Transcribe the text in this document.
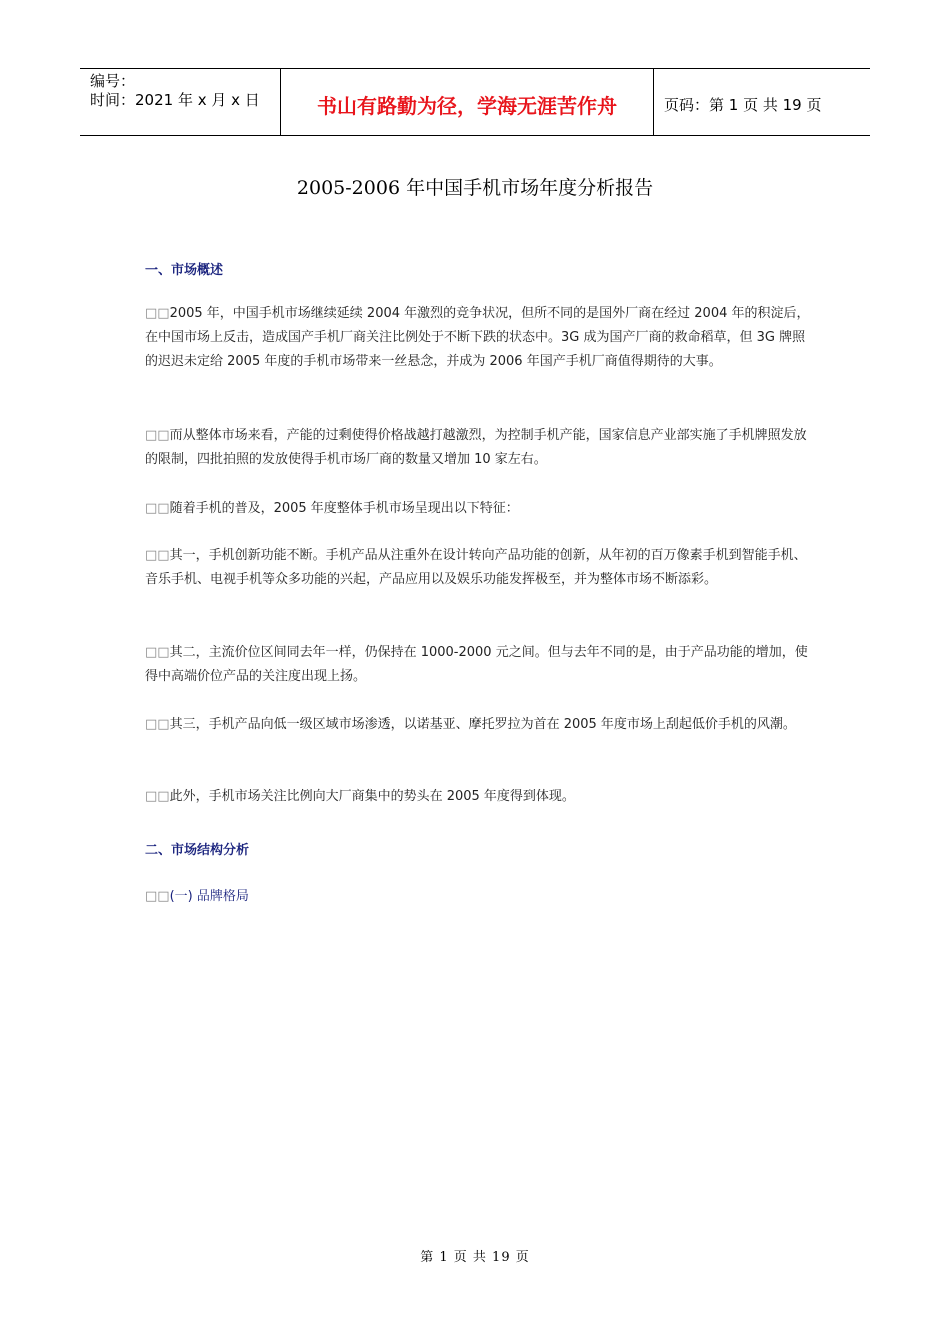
编号：
时间：2021 年 x 月 x 日	书山有路勤为径，学海无涯苦作舟	页码：第 1 页 共 19 页
2005-2006 年中国手机市场年度分析报告
一、市场概述
□□2005 年，中国手机市场继续延续 2004 年激烈的竞争状况，但所不同的是国外厂商在经过 2004 年的积淀后，在中国市场上反击，造成国产手机厂商关注比例处于不断下跌的状态中。3G 成为国产厂商的救命稻草，但 3G 牌照的迟迟未定给 2005 年度的手机市场带来一丝悬念，并成为 2006 年国产手机厂商值得期待的大事。
□□而从整体市场来看，产能的过剩使得价格战越打越激烈，为控制手机产能，国家信息产业部实施了手机牌照发放的限制，四批拍照的发放使得手机市场厂商的数量又增加 10 家左右。
□□随着手机的普及，2005 年度整体手机市场呈现出以下特征：
□□其一，手机创新功能不断。手机产品从注重外在设计转向产品功能的创新，从年初的百万像素手机到智能手机、音乐手机、电视手机等众多功能的兴起，产品应用以及娱乐功能发挥极至，并为整体市场不断添彩。
□□其二，主流价位区间同去年一样，仍保持在 1000-2000 元之间。但与去年不同的是，由于产品功能的增加，使得中高端价位产品的关注度出现上扬。
□□其三，手机产品向低一级区域市场渗透，以诺基亚、摩托罗拉为首在 2005 年度市场上刮起低价手机的风潮。
□□此外，手机市场关注比例向大厂商集中的势头在 2005 年度得到体现。
二、市场结构分析
□□(一) 品牌格局
第 1 页 共 19 页
